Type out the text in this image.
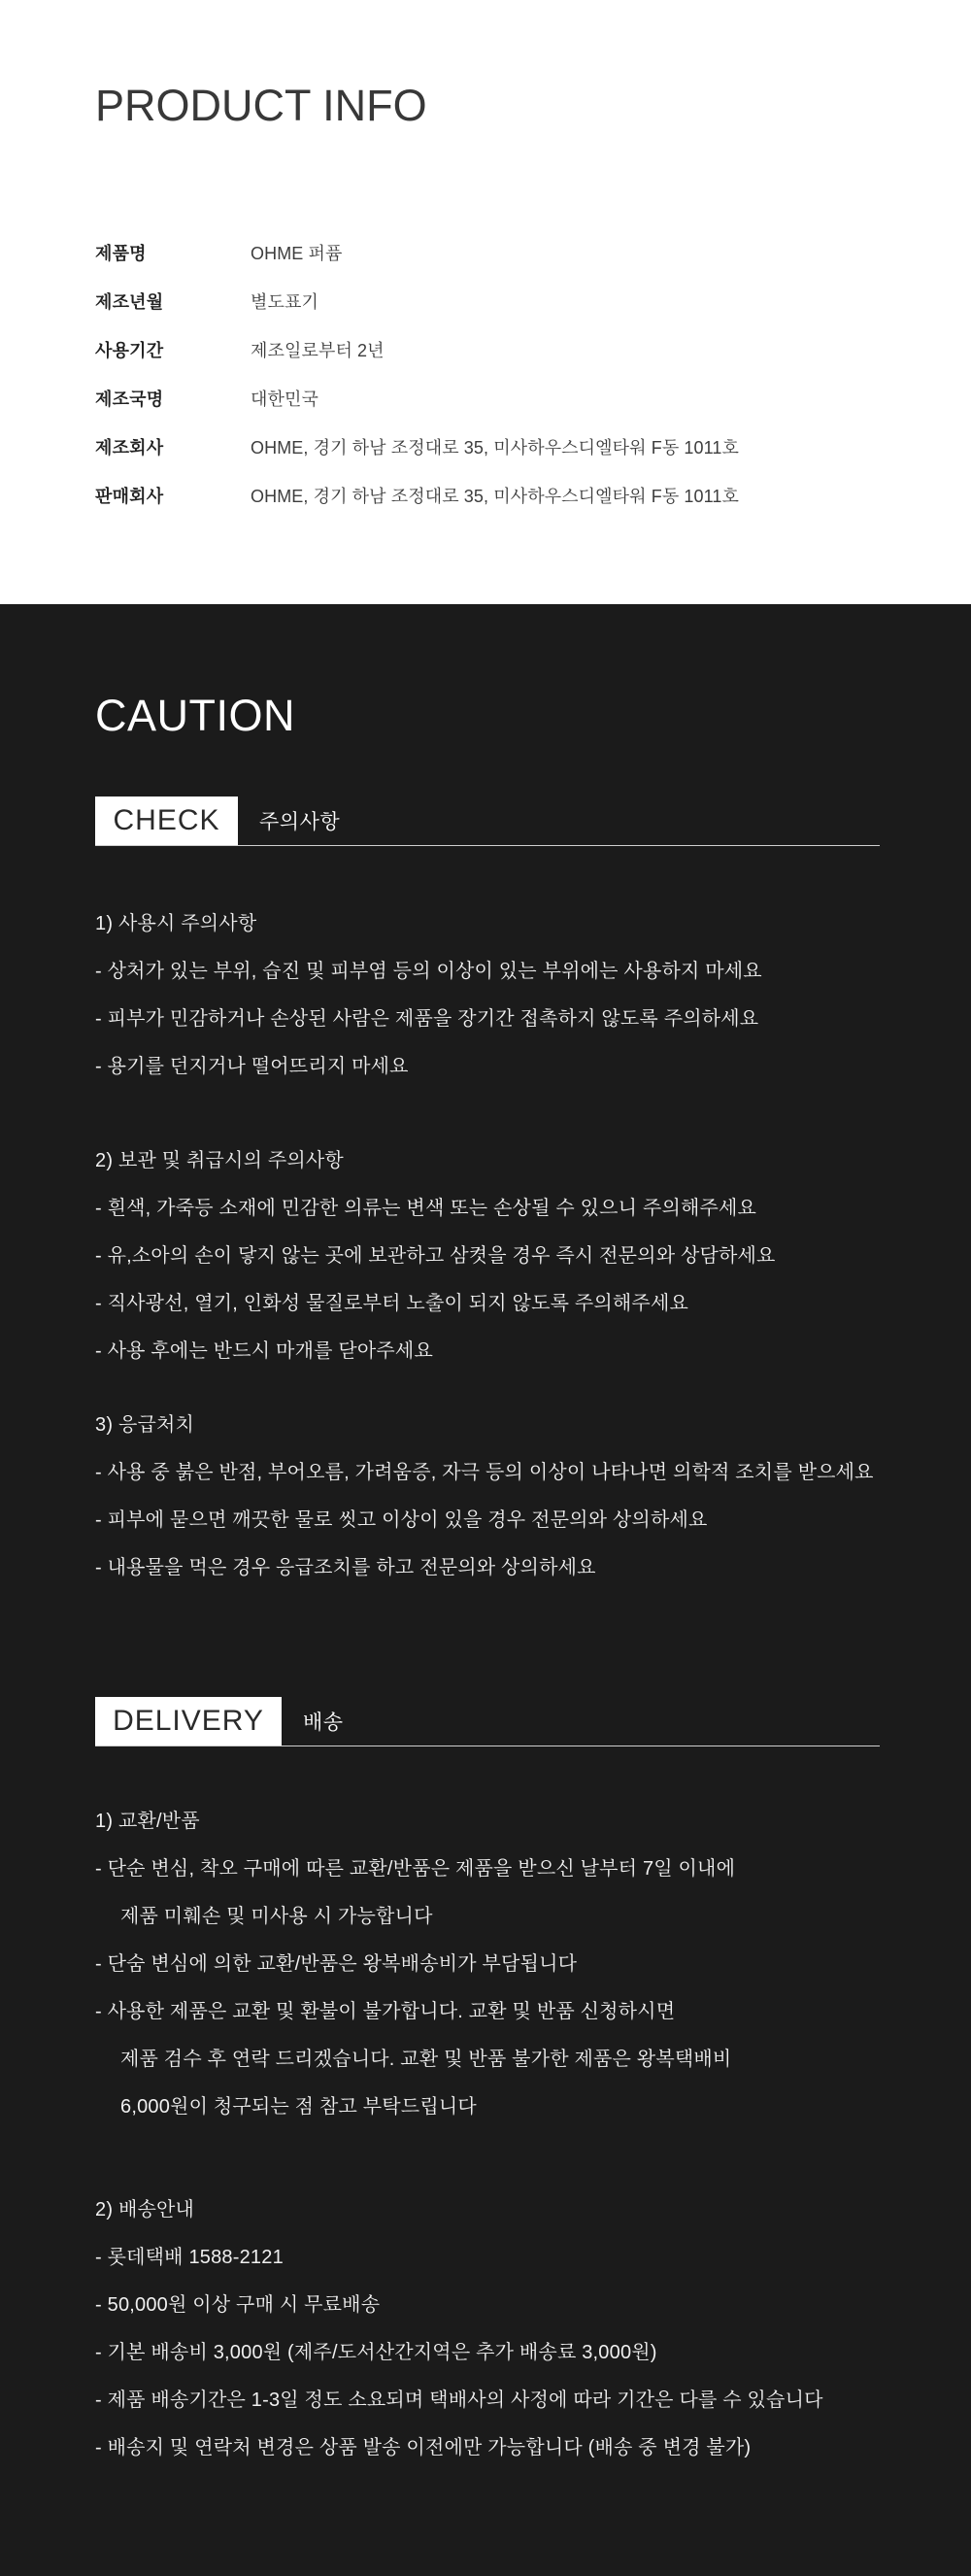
PRODUCT INFO
제품명	OHME 퍼퓸
제조년월	별도표기
사용기간	제조일로부터 2년
제조국명	대한민국
제조회사	OHME, 경기 하남 조정대로 35, 미사하우스디엘타워 F동 1011호
판매회사	OHME, 경기 하남 조정대로 35, 미사하우스디엘타워 F동 1011호
CAUTION
CHECK	주의사항

1) 사용시 주의사항

- 상처가 있는 부위, 습진 및 피부염 등의 이상이 있는 부위에는 사용하지 마세요

- 피부가 민감하거나 손상된 사람은 제품을 장기간 접촉하지 않도록 주의하세요

- 용기를 던지거나 떨어뜨리지 마세요

2) 보관 및 취급시의 주의사항

- 흰색, 가죽등 소재에 민감한 의류는 변색 또는 손상될 수 있으니 주의해주세요

- 유,소아의 손이 닿지 않는 곳에 보관하고 삼켯을 경우 즉시 전문의와 상담하세요

- 직사광선, 열기, 인화성 물질로부터 노출이 되지 않도록 주의해주세요

- 사용 후에는 반드시 마개를 닫아주세요

3) 응급처치

- 사용 중 붉은 반점, 부어오름, 가려움증, 자극 등의 이상이 나타나면 의학적 조치를 받으세요

- 피부에 묻으면 깨끗한 물로 씻고 이상이 있을 경우 전문의와 상의하세요

- 내용물을 먹은 경우 응급조치를 하고 전문의와 상의하세요

DELIVERY	배송

1) 교환/반품

- 단순 변심, 착오 구매에 따른 교환/반품은 제품을 받으신 날부터 7일 이내에

제품 미훼손 및 미사용 시 가능합니다

- 단숨 변심에 의한 교환/반품은 왕복배송비가 부담됩니다

- 사용한 제품은 교환 및 환불이 불가합니다. 교환 및 반품 신청하시면

제품 검수 후 연락 드리겠습니다. 교환 및 반품 불가한 제품은 왕복택배비

6,000원이 청구되는 점 참고 부탁드립니다

2) 배송안내

- 롯데택배 1588-2121

- 50,000원 이상 구매 시 무료배송

- 기본 배송비 3,000원 (제주/도서산간지역은 추가 배송료 3,000원)

- 제품 배송기간은 1-3일 정도 소요되며 택배사의 사정에 따라 기간은 다를 수 있습니다

- 배송지 및 연락처 변경은 상품 발송 이전에만 가능합니다 (배송 중 변경 불가)
